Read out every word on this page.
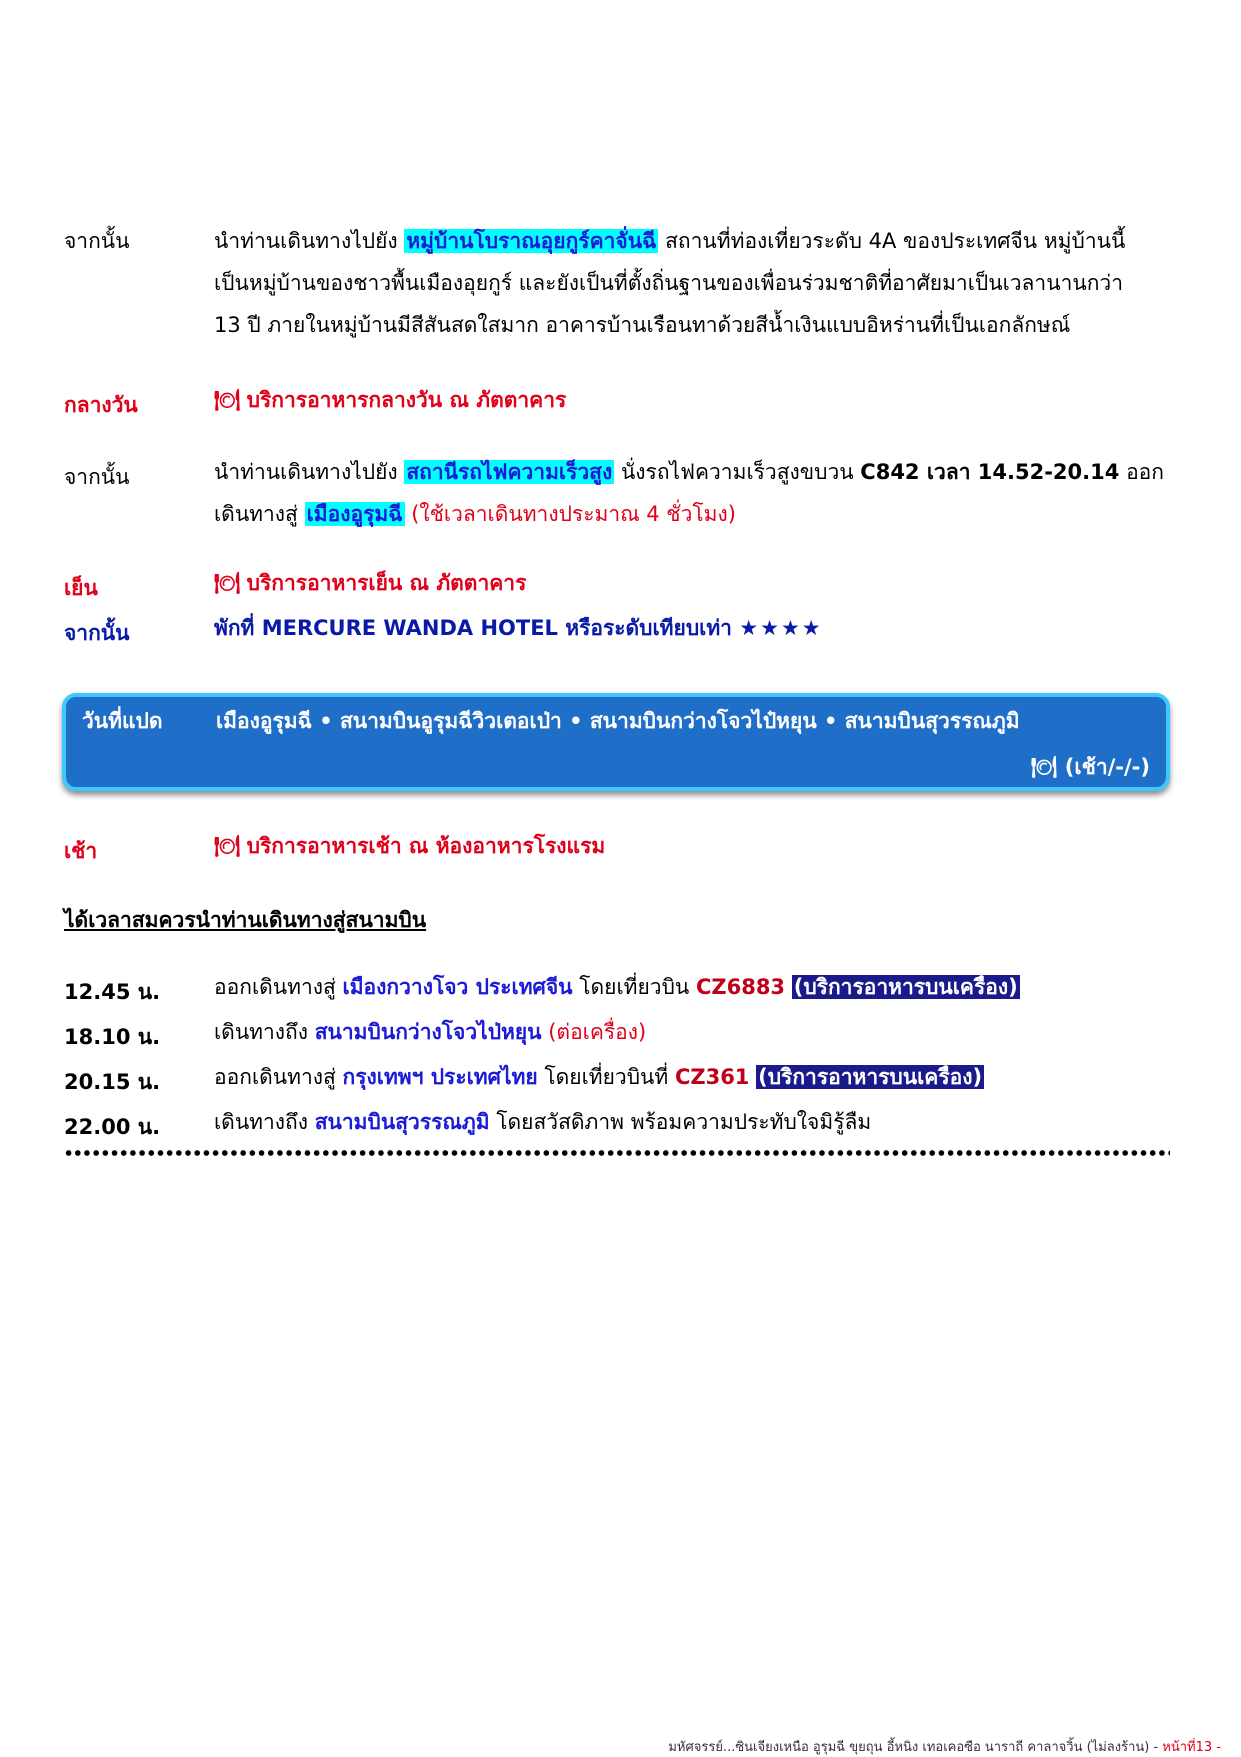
จากนั้น	นำท่านเดินทางไปยัง หมู่บ้านโบราณอุยกูร์คาจั่นฉี สถานที่ท่องเที่ยวระดับ 4A ของประเทศจีน หมู่บ้านนี้
เป็นหมู่บ้านของชาวพื้นเมืองอุยกูร์ และยังเป็นที่ตั้งถิ่นฐานของเพื่อนร่วมชาติที่อาศัยมาเป็นเวลานานกว่า
13 ปี ภายในหมู่บ้านมีสีสันสดใสมาก อาคารบ้านเรือนทาด้วยสีน้ำเงินแบบอิหร่านที่เป็นเอกลักษณ์
กลางวัน	🍽︎ บริการอาหารกลางวัน ณ ภัตตาคาร
จากนั้น	นำท่านเดินทางไปยัง สถานีรถไฟความเร็วสูง นั่งรถไฟความเร็วสูงขบวน C842 เวลา 14.52-20.14 ออก
เดินทางสู่ เมืองอูรุมฉี (ใช้เวลาเดินทางประมาณ 4 ชั่วโมง)
เย็น	🍽︎ บริการอาหารเย็น ณ ภัตตาคาร
จากนั้น	พักที่ MERCURE WANDA HOTEL หรือระดับเทียบเท่า ★★★★
วันที่แปด	เมืองอูรุมฉี • สนามบินอูรุมฉีวิวเตอเป่า • สนามบินกว่างโจวไป๋หยุน • สนามบินสุวรรณภูมิ
🍽︎ (เช้า/-/-)
เช้า	🍽︎ บริการอาหารเช้า ณ ห้องอาหารโรงแรม
ได้เวลาสมควรนำท่านเดินทางสู่สนามบิน
12.45 น.	ออกเดินทางสู่ เมืองกวางโจว ประเทศจีน โดยเที่ยวบิน CZ6883 (บริการอาหารบนเครื่อง)
18.10 น.	เดินทางถึง สนามบินกว่างโจวไป่หยุน (ต่อเครื่อง)
20.15 น.	ออกเดินทางสู่ กรุงเทพฯ ประเทศไทย โดยเที่ยวบินที่ CZ361 (บริการอาหารบนเครื่อง)
22.00 น.	เดินทางถึง สนามบินสุวรรณภูมิ โดยสวัสดิภาพ พร้อมความประทับใจมิรู้ลืม
มหัศจรรย์...ซินเจียงเหนือ อูรุมฉี ขุยถุน อี้หนิง เทอเคอซือ นาราถี คาลาจวิ้น (ไม่ลงร้าน) - หน้าที่13 -
